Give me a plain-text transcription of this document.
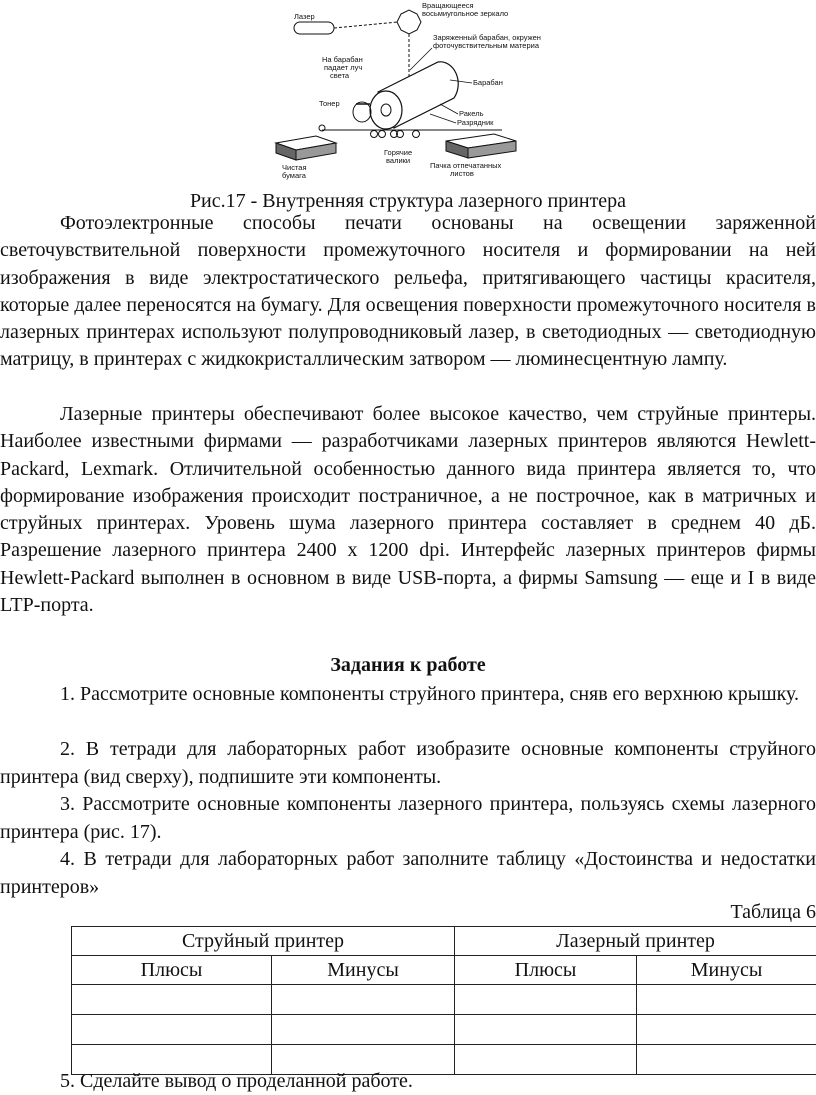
Вращающееся
восьмиугольное зеркало
Лазер
На барабан
падает луч
света
Заряженный барабан, окружен
фоточувствительным материа
Барабан
Тонер
Ракель
Разрядник
Чистая
бумага
Горячие
валики
Пачка отпечатанных
листов
Рис.17 - Внутренняя структура лазерного принтера

Фотоэлектронные способы печати основаны на освещении заряженной светочувствительной поверхности промежуточного носителя и формировании на ней изображения в виде электростатического рельефа, притягивающего частицы красителя, которые далее переносятся на бумагу. Для освещения поверхности промежуточного носителя в лазерных принтерах используют полупроводниковый лазер, в светодиодных — светодиодную матрицу, в принтерах с жидкокристаллическим затвором — люминесцентную лампу.

Лазерные принтеры обеспечивают более высокое качество, чем струйные принтеры. Наиболее известными фирмами — разработчиками лазерных принтеров являются Hewlett-Packard, Lexmark. Отличительной особенностью данного вида принтера является то, что формирование изображения происходит постраничное, а не построчное, как в матричных и струйных принтерах. Уровень шума лазерного принтера составляет в среднем 40 дБ. Разрешение лазерного принтера 2400 х 1200 dpi. Интерфейс лазерных принтеров фирмы Hewlett-Packard выполнен в основном в виде USB-порта, а фирмы Samsung — еще и I в виде LTP-порта.

Задания к работе

1. Рассмотрите основные компоненты струйного принтера, сняв его верхнюю крышку.

2. В тетради для лабораторных работ изобразите основные компоненты струйного принтера (вид сверху), подпишите эти компоненты.

3. Рассмотрите основные компоненты лазерного принтера, пользуясь схемы лазерного принтера (рис. 17).

4. В тетради для лабораторных работ заполните таблицу «Достоинства и недостатки принтеров»

Таблица 6
Струйный принтер		Лазерный принтер	
Плюсы	Минусы	Плюсы	Минусы

5. Сделайте вывод о проделанной работе.
